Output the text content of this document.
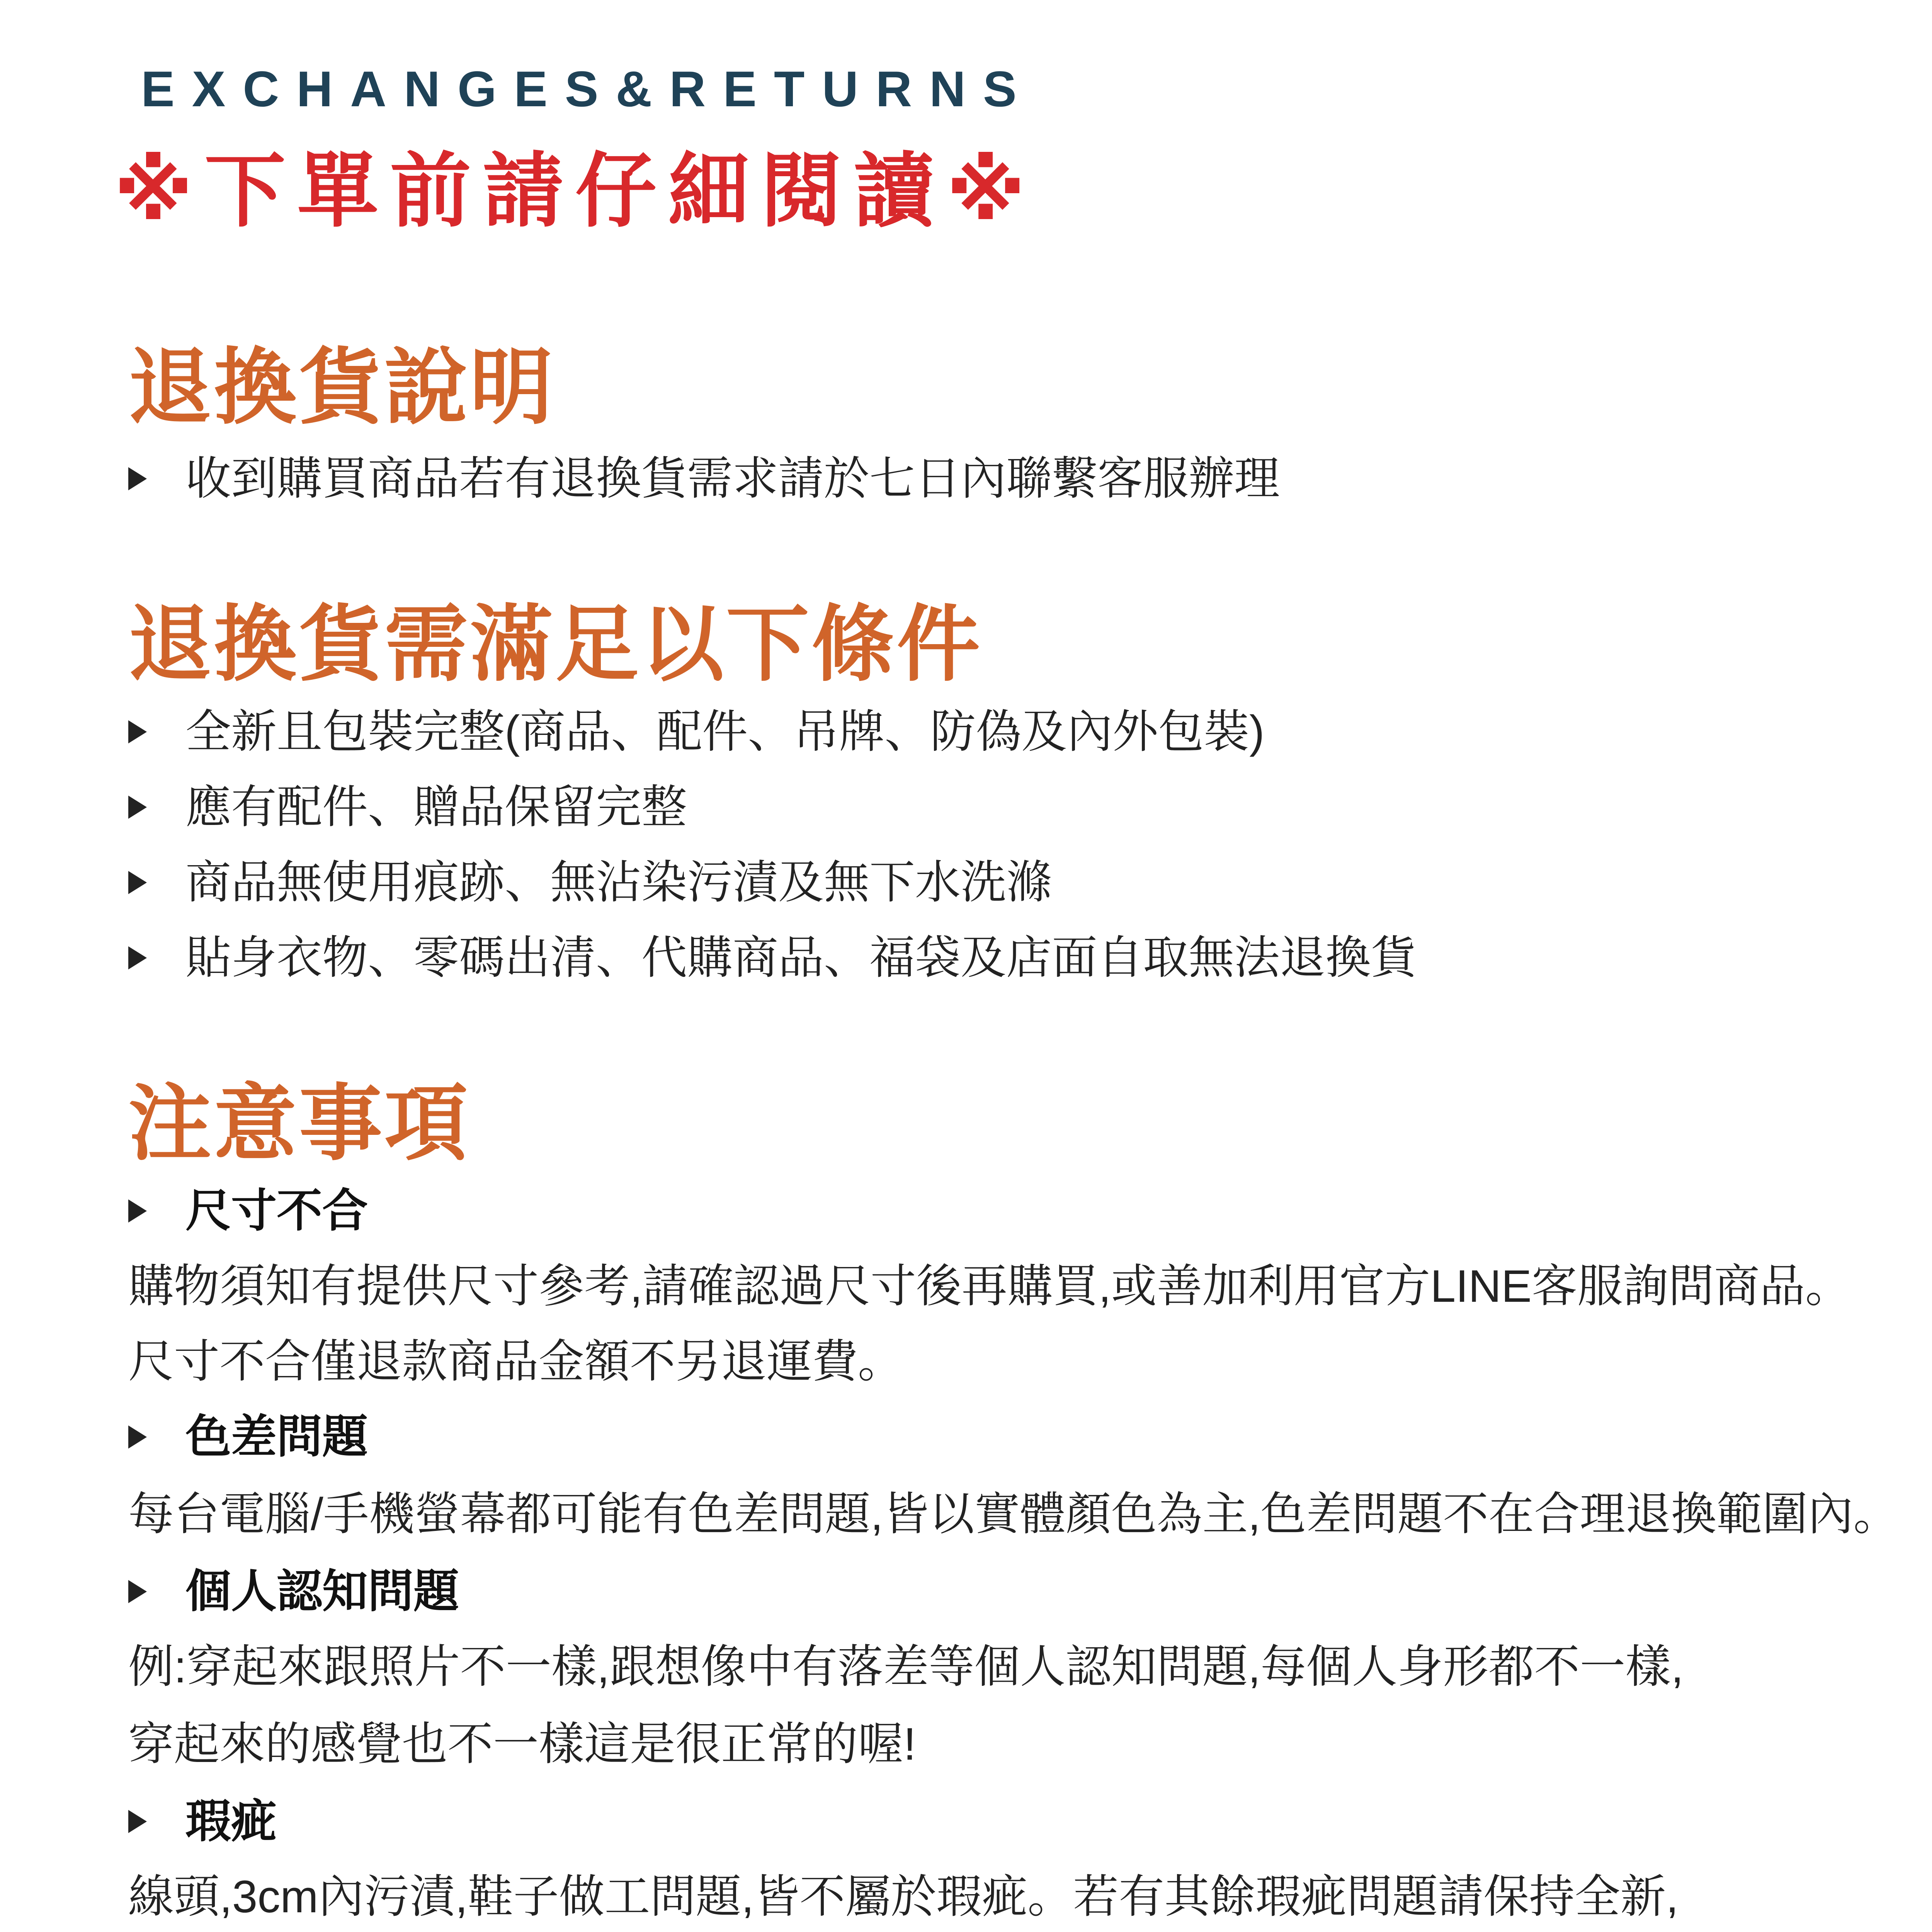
EXCHANGES&RETURNS
※下單前請仔細閱讀※
退換貨說明
收到購買商品若有退換貨需求請於七日內聯繫客服辦理
退換貨需滿足以下條件
全新且包裝完整(商品、配件、吊牌、防偽及內外包裝)
應有配件、贈品保留完整
商品無使用痕跡、無沾染污漬及無下水洗滌
貼身衣物、零碼出清、代購商品、福袋及店面自取無法退換貨
注意事項
尺寸不合
購物須知有提供尺寸參考,請確認過尺寸後再購買,或善加利用官方LINE客服詢問商品。
尺寸不合僅退款商品金額不另退運費。
色差問題
每台電腦/手機螢幕都可能有色差問題,皆以實體顏色為主,色差問題不在合理退換範圍內。
個人認知問題
例:穿起來跟照片不一樣,跟想像中有落差等個人認知問題,每個人身形都不一樣,
穿起來的感覺也不一樣這是很正常的喔!
瑕疵
線頭,3cm內污漬,鞋子做工問題,皆不屬於瑕疵。若有其餘瑕疵問題請保持全新,
